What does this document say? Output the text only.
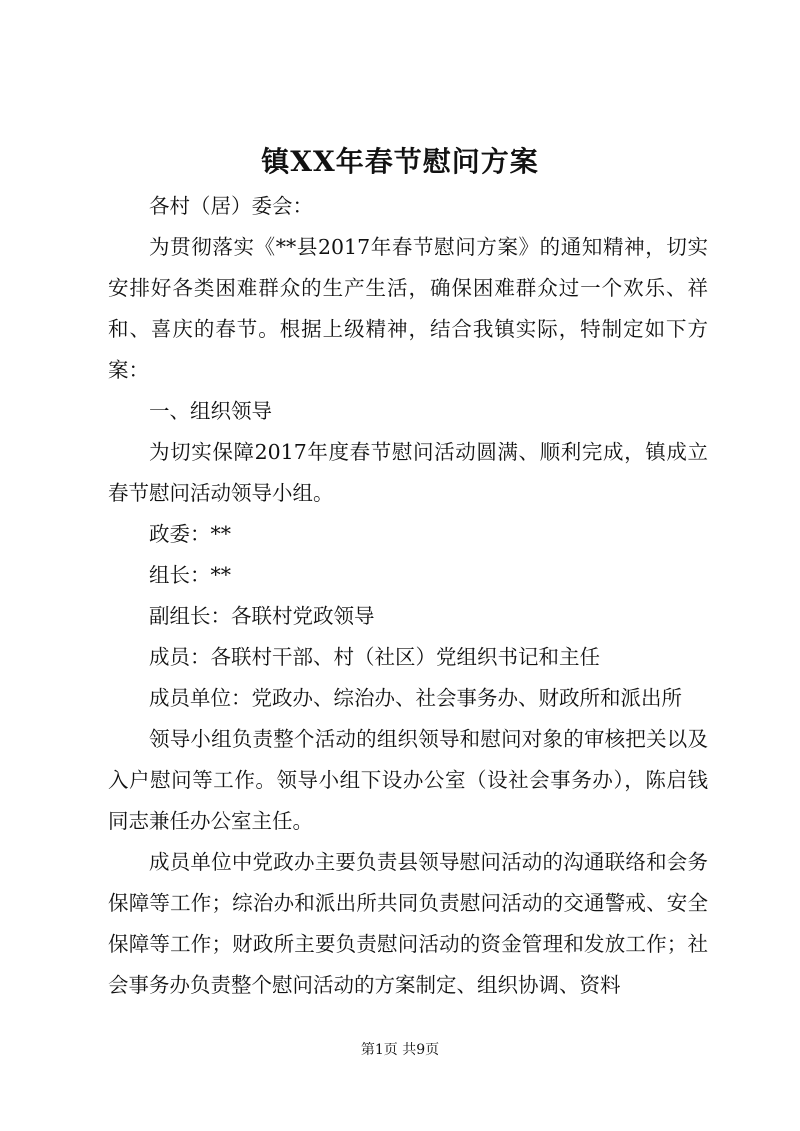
镇XX年春节慰问方案

各村（居）委会：

为贯彻落实《**县2017年春节慰问方案》的通知精神，切实安排好各类困难群众的生产生活，确保困难群众过一个欢乐、祥和、喜庆的春节。根据上级精神，结合我镇实际，特制定如下方案：

一、组织领导

为切实保障2017年度春节慰问活动圆满、顺利完成，镇成立春节慰问活动领导小组。

政委：**

组长：**

副组长：各联村党政领导

成员：各联村干部、村（社区）党组织书记和主任

成员单位：党政办、综治办、社会事务办、财政所和派出所

领导小组负责整个活动的组织领导和慰问对象的审核把关以及入户慰问等工作。领导小组下设办公室（设社会事务办），陈启钱同志兼任办公室主任。

成员单位中党政办主要负责县领导慰问活动的沟通联络和会务保障等工作；综治办和派出所共同负责慰问活动的交通警戒、安全保障等工作；财政所主要负责慰问活动的资金管理和发放工作；社会事务办负责整个慰问活动的方案制定、组织协调、资料

第1页 共9页
